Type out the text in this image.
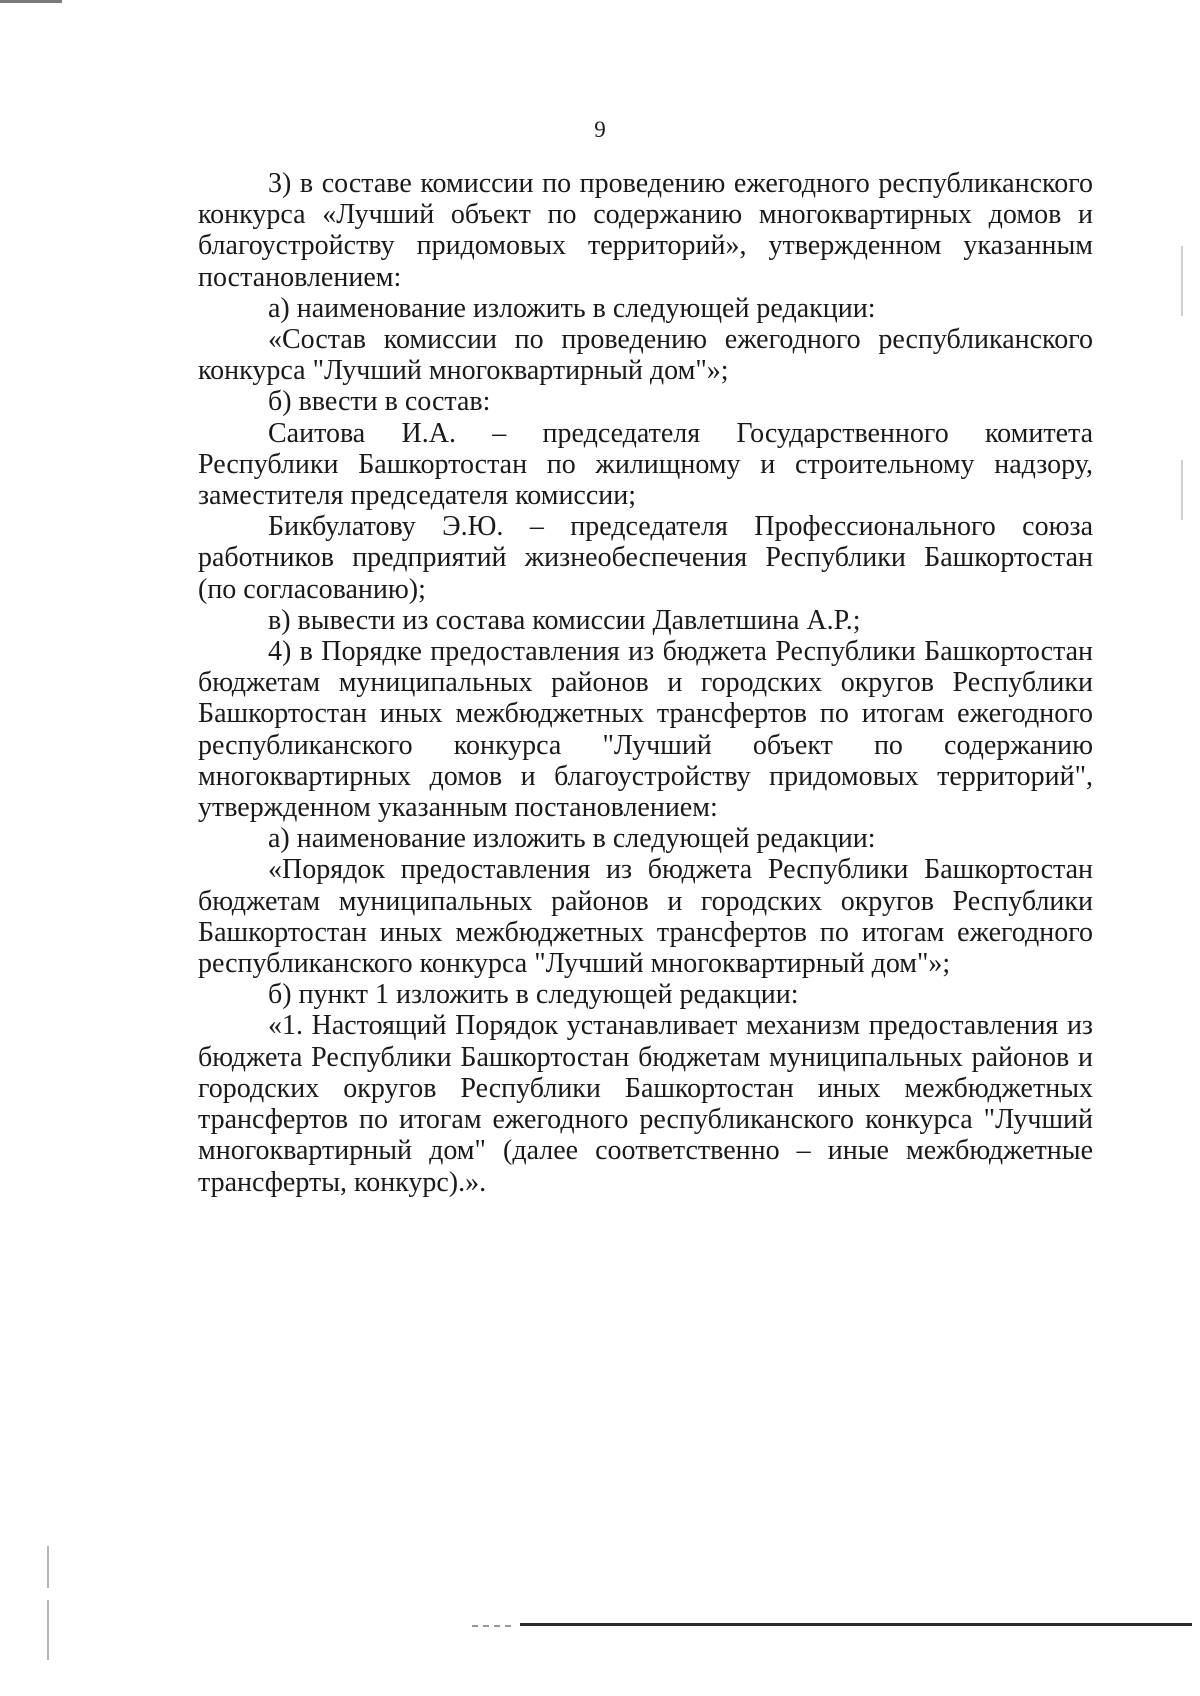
9

3) в составе комиссии по проведению ежегодного республиканского конкурса «Лучший объект по содержанию многоквартирных домов и благоустройству придомовых территорий», утвержденном указанным постановлением:

а) наименование изложить в следующей редакции:

«Состав комиссии по проведению ежегодного республиканского конкурса "Лучший многоквартирный дом"»;

б) ввести в состав:

Саитова И.А. – председателя Государственного комитета Республики Башкортостан по жилищному и строительному надзору, заместителя председателя комиссии;

Бикбулатову Э.Ю. – председателя Профессионального союза работников предприятий жизнеобеспечения Республики Башкортостан (по согласованию);

в) вывести из состава комиссии Давлетшина А.Р.;

4) в Порядке предоставления из бюджета Республики Башкортостан бюджетам муниципальных районов и городских округов Республики Башкортостан иных межбюджетных трансфертов по итогам ежегодного республиканского конкурса "Лучший объект по содержанию многоквартирных домов и благоустройству придомовых территорий", утвержденном указанным постановлением:

а) наименование изложить в следующей редакции:

«Порядок предоставления из бюджета Республики Башкортостан бюджетам муниципальных районов и городских округов Республики Башкортостан иных межбюджетных трансфертов по итогам ежегодного республиканского конкурса "Лучший многоквартирный дом"»;

б) пункт 1 изложить в следующей редакции:

«1. Настоящий Порядок устанавливает механизм предоставления из бюджета Республики Башкортостан бюджетам муниципальных районов и городских округов Республики Башкортостан иных межбюджетных трансфертов по итогам ежегодного республиканского конкурса "Лучший многоквартирный дом" (далее соответственно – иные межбюджетные трансферты, конкурс).».
